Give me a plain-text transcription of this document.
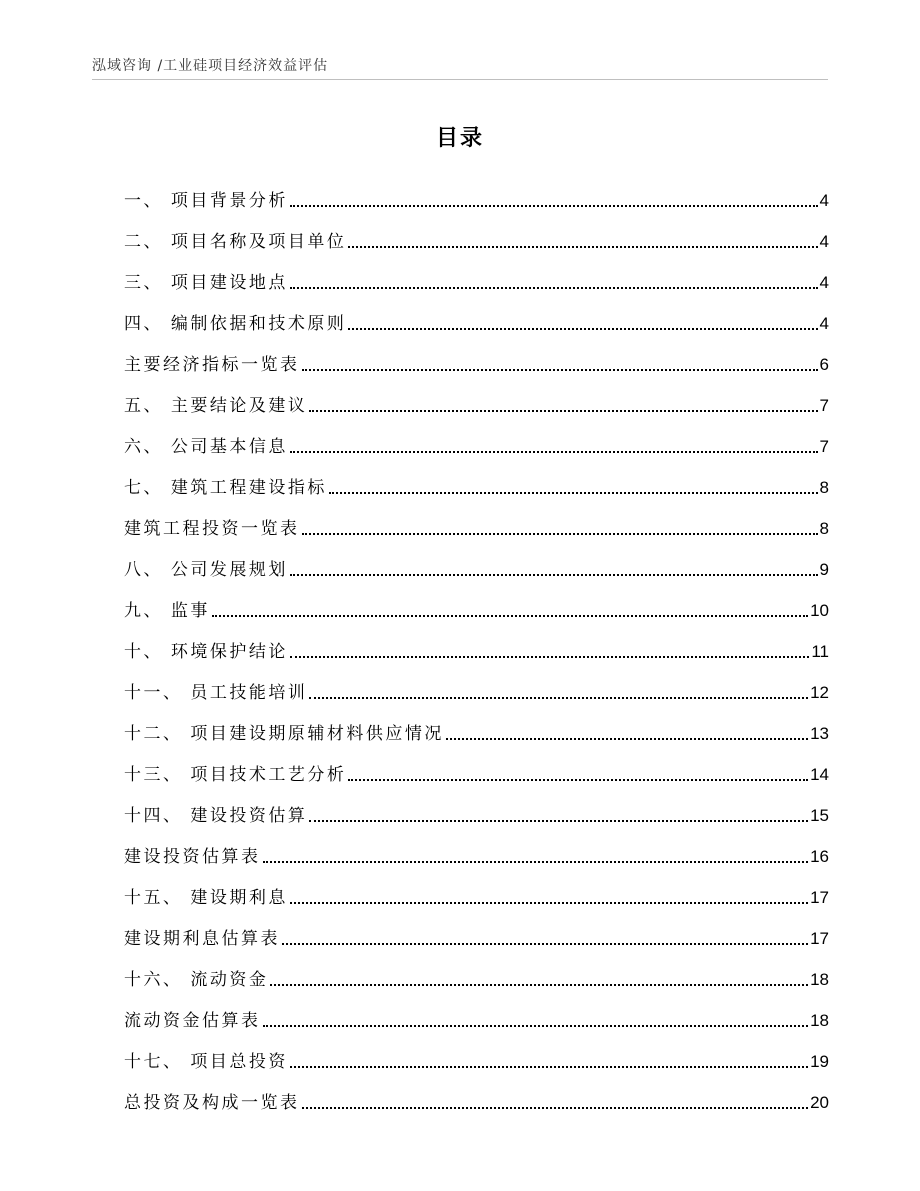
泓域咨询 /工业硅项目经济效益评估
目录
一、 项目背景分析	4
二、 项目名称及项目单位	4
三、 项目建设地点	4
四、 编制依据和技术原则	4
主要经济指标一览表	6
五、 主要结论及建议	7
六、 公司基本信息	7
七、 建筑工程建设指标	8
建筑工程投资一览表	8
八、 公司发展规划	9
九、 监事	10
十、 环境保护结论	11
十一、 员工技能培训	12
十二、 项目建设期原辅材料供应情况	13
十三、 项目技术工艺分析	14
十四、 建设投资估算	15
建设投资估算表	16
十五、 建设期利息	17
建设期利息估算表	17
十六、 流动资金	18
流动资金估算表	18
十七、 项目总投资	19
总投资及构成一览表	20
